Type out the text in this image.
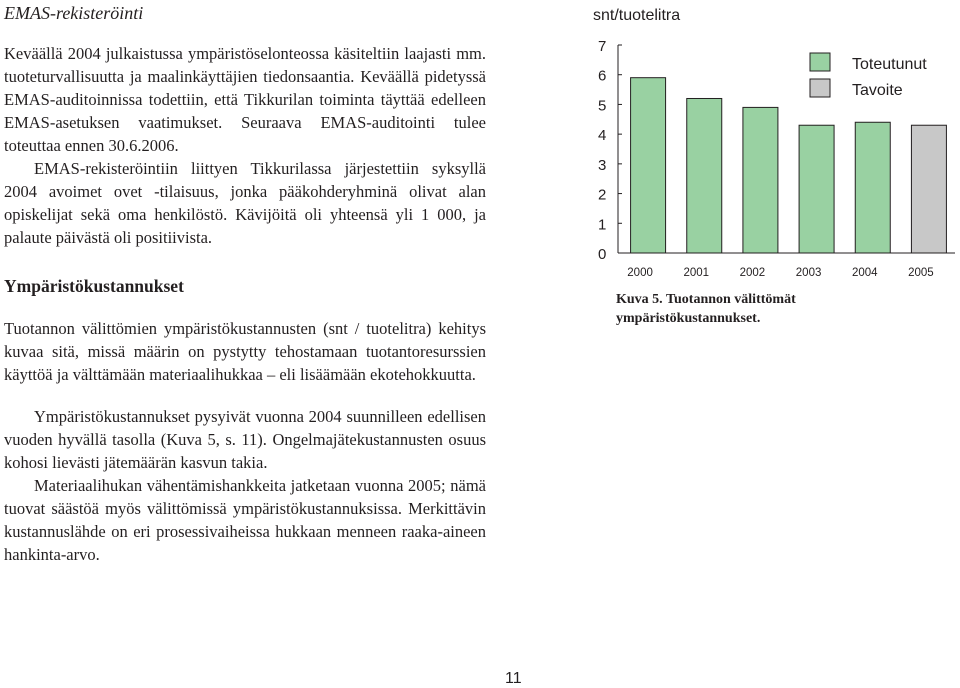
EMAS-rekisteröinti

Keväällä 2004 julkaistussa ympäristöselonteossa käsiteltiin laajasti mm. tuoteturvallisuutta ja maalinkäyttäjien tiedonsaantia. Keväällä pidetyssä EMAS-auditoinnissa todettiin, että Tikkurilan toiminta täyttää edelleen EMAS-asetuksen vaatimukset. Seuraava EMAS-auditointi tulee toteuttaa ennen 30.6.2006.

EMAS-rekisteröintiin liittyen Tikkurilassa järjestettiin syksyllä 2004 avoimet ovet -tilaisuus, jonka pääkohderyhminä olivat alan opiskelijat sekä oma henkilöstö. Kävijöitä oli yhteensä yli 1 000, ja palaute päivästä oli positiivista.

Ympäristökustannukset

Tuotannon välittömien ympäristökustannusten (snt / tuotelitra) kehitys kuvaa sitä, missä määrin on pystytty tehostamaan tuotantoresurssien käyttöä ja välttämään materiaalihukkaa – eli lisäämään ekotehokkuutta.

Ympäristökustannukset pysyivät vuonna 2004 suunnilleen edellisen vuoden hyvällä tasolla (Kuva 5, s. 11). Ongelmajätekustannusten osuus kohosi lievästi jätemäärän kasvun takia.

Materiaalihukan vähentämishankkeita jatketaan vuonna 2005; nämä tuovat säästöä myös välittömissä ympäristökustannuksissa. Merkittävin kustannuslähde on eri prosessivaiheissa hukkaan menneen raaka-aineen hankinta-arvo.

snt/tuotelitra
0
1
2
3
4
5
6
7
2000	2001	2002	2003	2004	2005
Toteutunut
Tavoite
Kuva 5. Tuotannon välittömät ympäristökustannukset.
11
